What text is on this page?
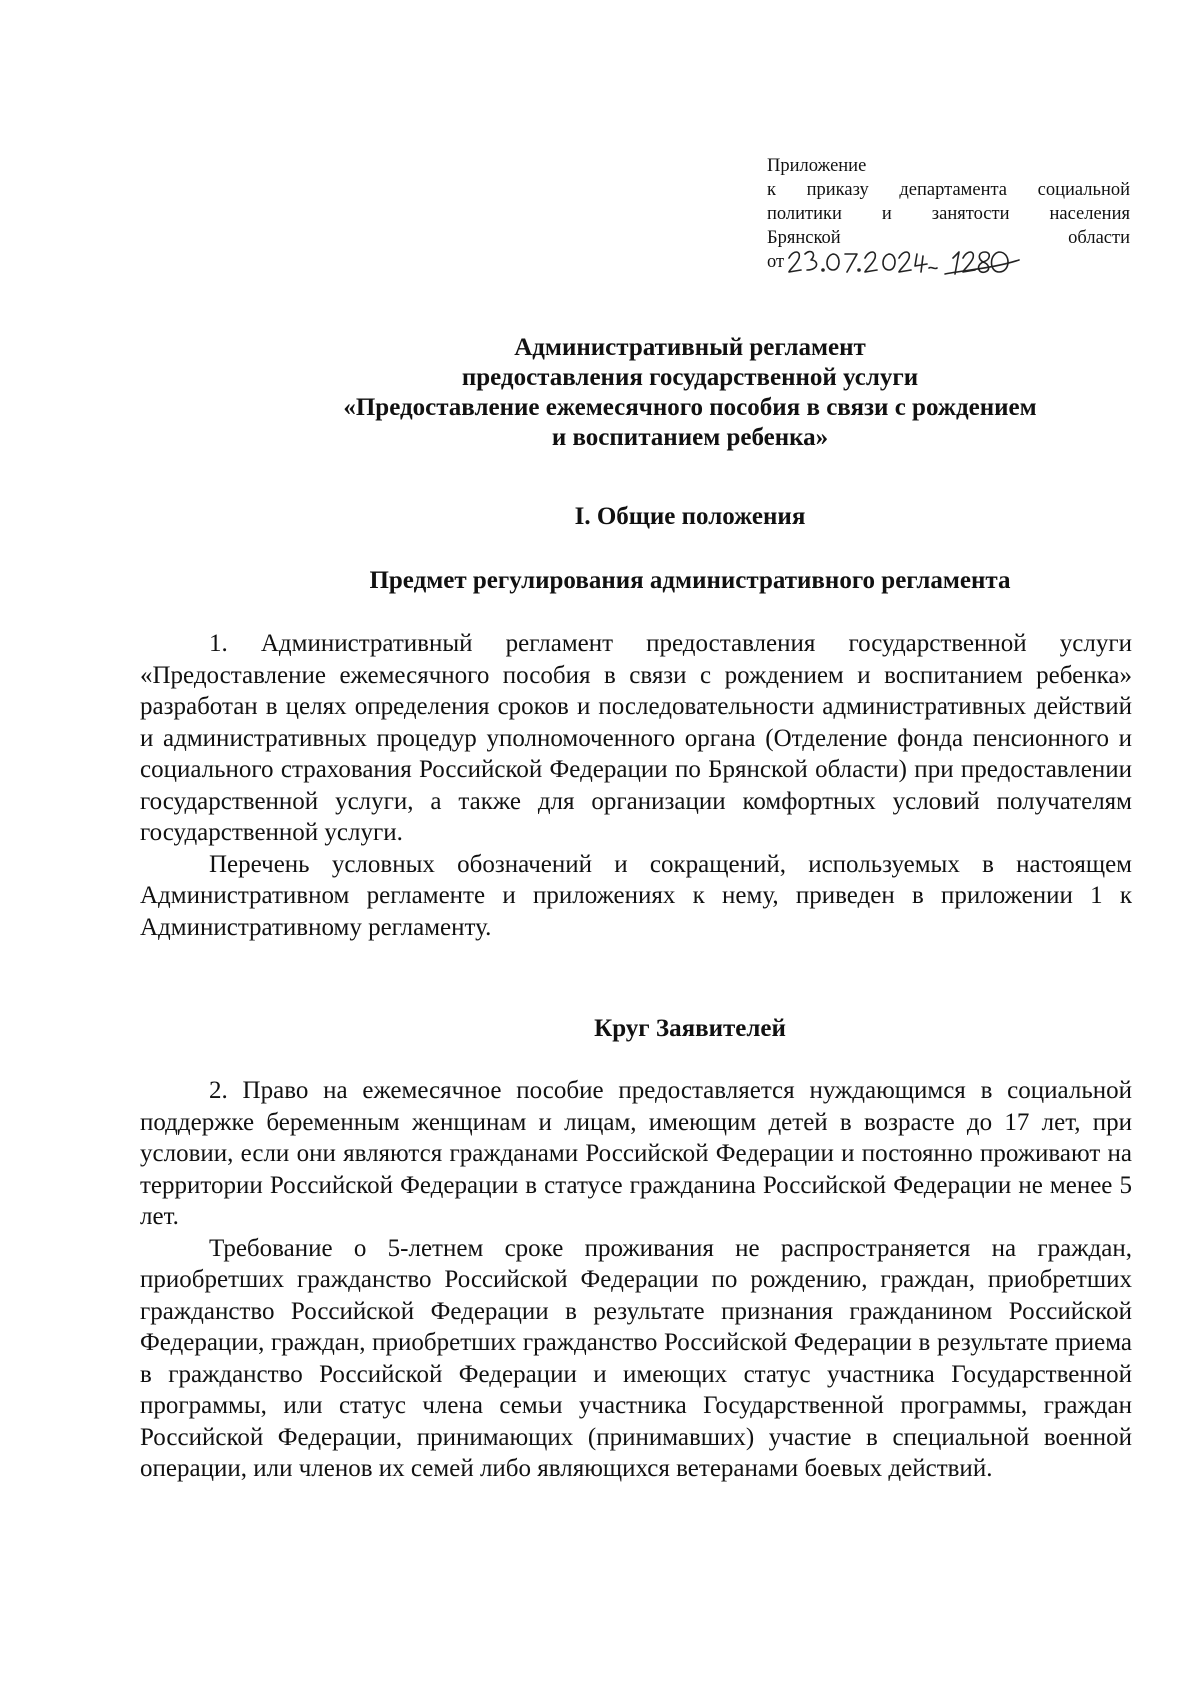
Приложение
к приказу департамента социальной
политики и занятости населения
Брянской	области
от
Административный регламент
предоставления государственной услуги
«Предоставление ежемесячного пособия в связи с рождением
и воспитанием ребенка»
I. Общие положения
Предмет регулирования административного регламента

1. Административный регламент предоставления государственной услуги «Предоставление ежемесячного пособия в связи с рождением и воспитанием ребенка» разработан в целях определения сроков и последовательности административных действий и административных процедур уполномоченного органа (Отделение фонда пенсионного и социального страхования Российской Федерации по Брянской области) при предоставлении государственной услуги, а также для организации комфортных условий получателям государственной услуги.

Перечень условных обозначений и сокращений, используемых в настоящем Административном регламенте и приложениях к нему, приведен в приложении 1 к Административному регламенту.

Круг Заявителей

2. Право на ежемесячное пособие предоставляется нуждающимся в социальной поддержке беременным женщинам и лицам, имеющим детей в возрасте до 17 лет, при условии, если они являются гражданами Российской Федерации и постоянно проживают на территории Российской Федерации в статусе гражданина Российской Федерации не менее 5 лет.

Требование о 5-летнем сроке проживания не распространяется на граждан, приобретших гражданство Российской Федерации по рождению, граждан, приобретших гражданство Российской Федерации в результате признания гражданином Российской Федерации, граждан, приобретших гражданство Российской Федерации в результате приема в гражданство Российской Федерации и имеющих статус участника Государственной программы, или статус члена семьи участника Государственной программы, граждан Российской Федерации, принимающих (принимавших) участие в специальной военной операции, или членов их семей либо являющихся ветеранами боевых действий.
